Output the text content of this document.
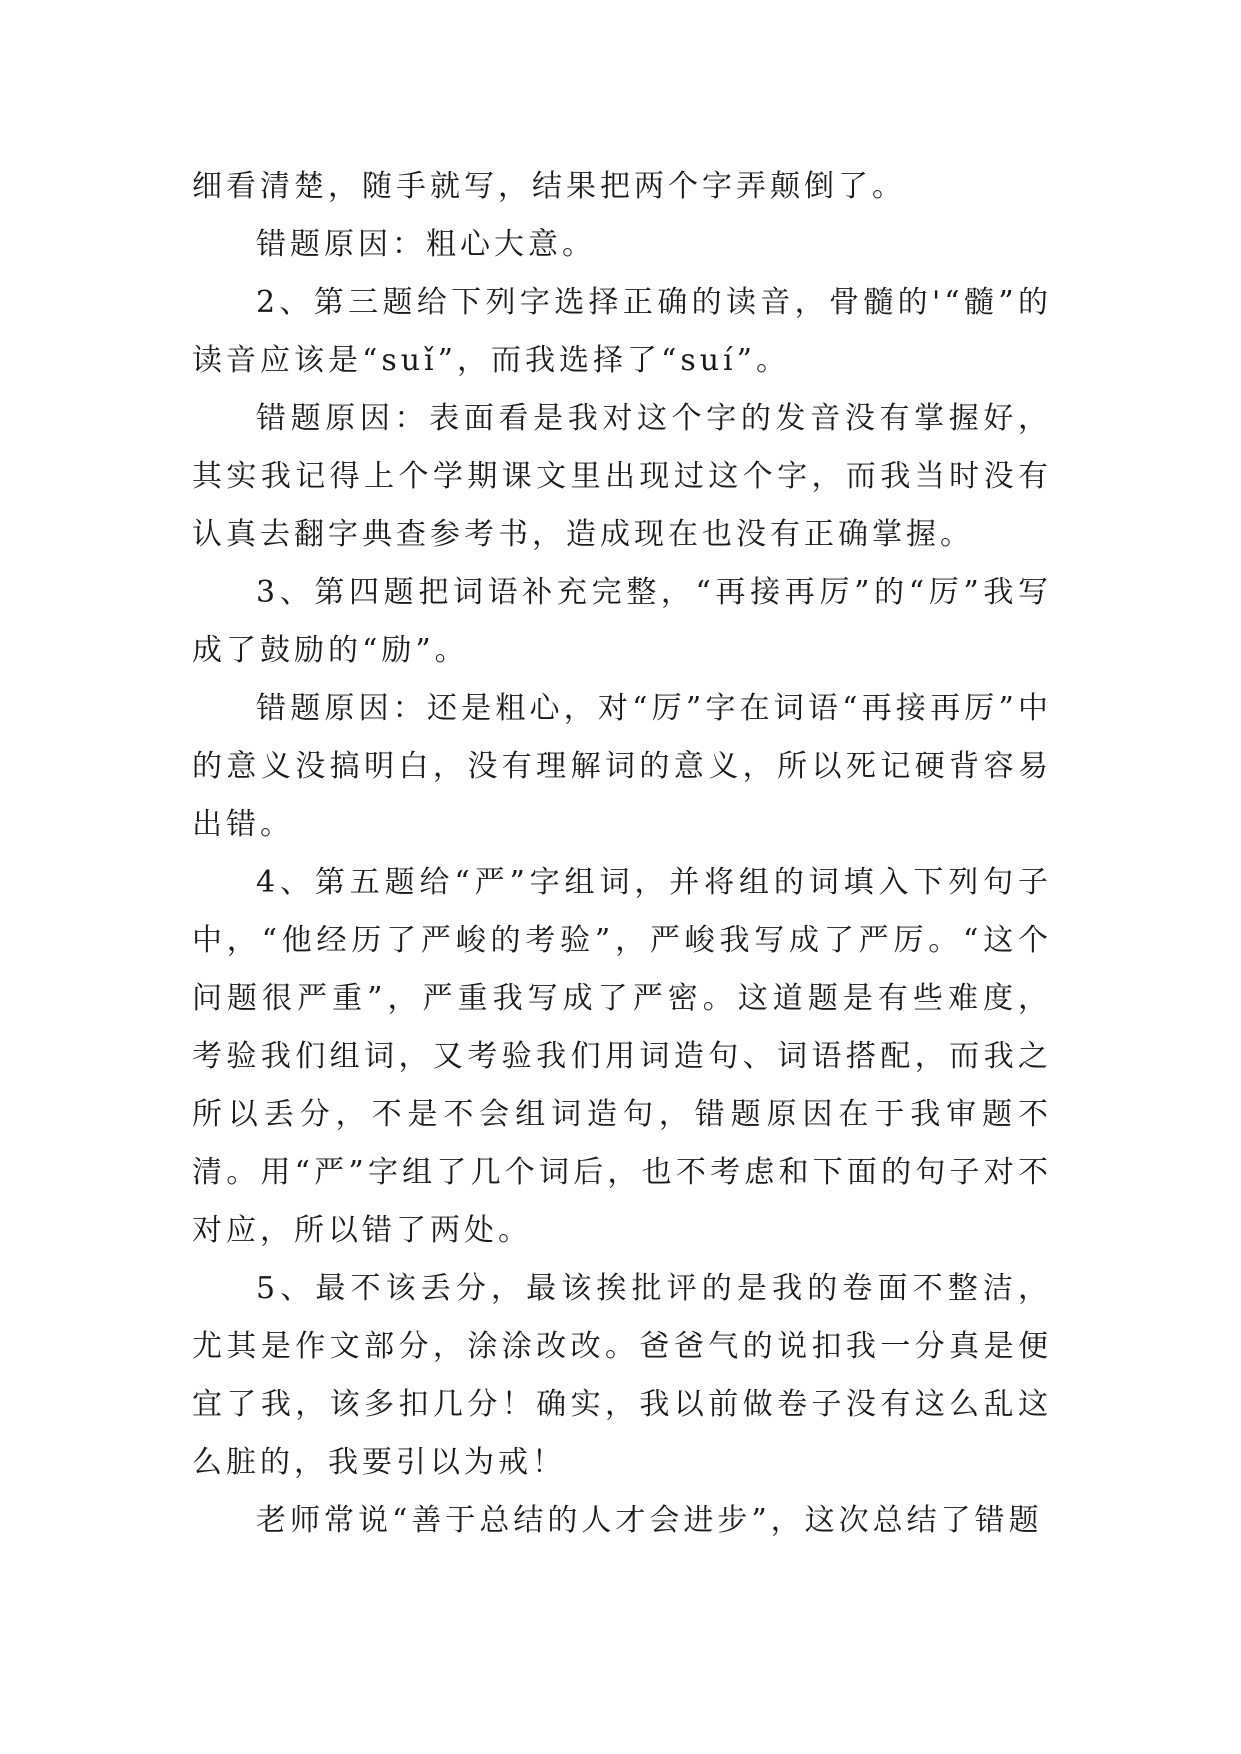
细看清楚，随手就写，结果把两个字弄颠倒了。

错题原因：粗心大意。

2、第三题给下列字选择正确的读音，骨髓的'“髓”的读音应该是“suǐ”，而我选择了“suí”。

错题原因：表面看是我对这个字的发音没有掌握好，其实我记得上个学期课文里出现过这个字，而我当时没有认真去翻字典查参考书，造成现在也没有正确掌握。

3、第四题把词语补充完整，“再接再厉”的“厉”我写成了鼓励的“励”。

错题原因：还是粗心，对“厉”字在词语“再接再厉”中的意义没搞明白，没有理解词的意义，所以死记硬背容易出错。

4、第五题给“严”字组词，并将组的词填入下列句子中，“他经历了严峻的考验”，严峻我写成了严厉。“这个问题很严重”，严重我写成了严密。这道题是有些难度，考验我们组词，又考验我们用词造句、词语搭配，而我之所以丢分，不是不会组词造句，错题原因在于我审题不清。用“严”字组了几个词后，也不考虑和下面的句子对不对应，所以错了两处。

5、最不该丢分，最该挨批评的是我的卷面不整洁，尤其是作文部分，涂涂改改。爸爸气的说扣我一分真是便宜了我，该多扣几分！确实，我以前做卷子没有这么乱这么脏的，我要引以为戒！

老师常说“善于总结的人才会进步”，这次总结了错题
